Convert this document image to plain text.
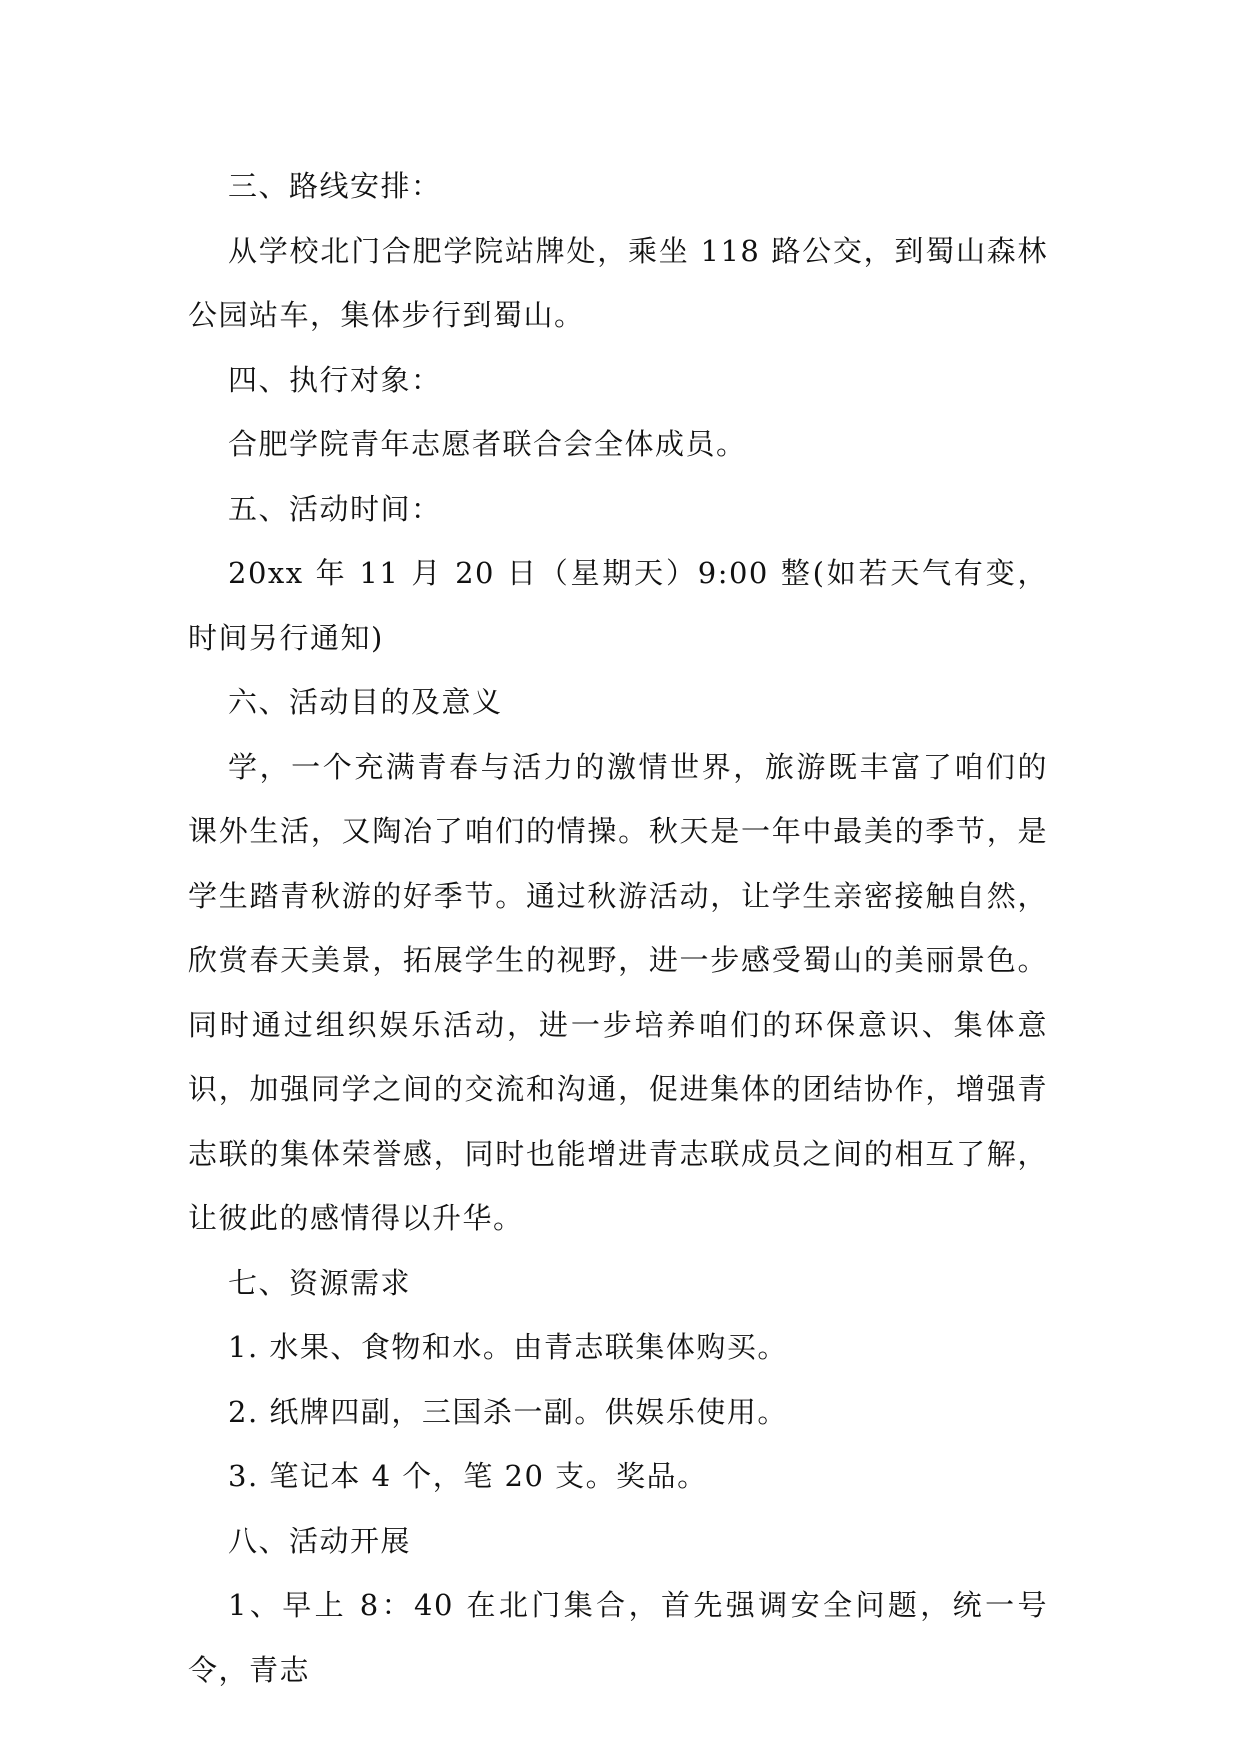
三、路线安排：

从学校北门合肥学院站牌处，乘坐 118 路公交，到蜀山森林公园站车，集体步行到蜀山。

四、执行对象：

合肥学院青年志愿者联合会全体成员。

五、活动时间：

20xx 年 11 月 20 日（星期天）9:00 整(如若天气有变，时间另行通知)

六、活动目的及意义

学，一个充满青春与活力的激情世界，旅游既丰富了咱们的课外生活，又陶冶了咱们的情操。秋天是一年中最美的季节，是学生踏青秋游的好季节。通过秋游活动，让学生亲密接触自然，欣赏春天美景，拓展学生的视野，进一步感受蜀山的美丽景色。同时通过组织娱乐活动，进一步培养咱们的环保意识、集体意识，加强同学之间的交流和沟通，促进集体的团结协作，增强青志联的集体荣誉感，同时也能增进青志联成员之间的相互了解，让彼此的感情得以升华。

七、资源需求

1. 水果、食物和水。由青志联集体购买。

2. 纸牌四副，三国杀一副。供娱乐使用。

3. 笔记本 4 个，笔 20 支。奖品。

八、活动开展

1、早上 8：40 在北门集合，首先强调安全问题，统一号令，青志
